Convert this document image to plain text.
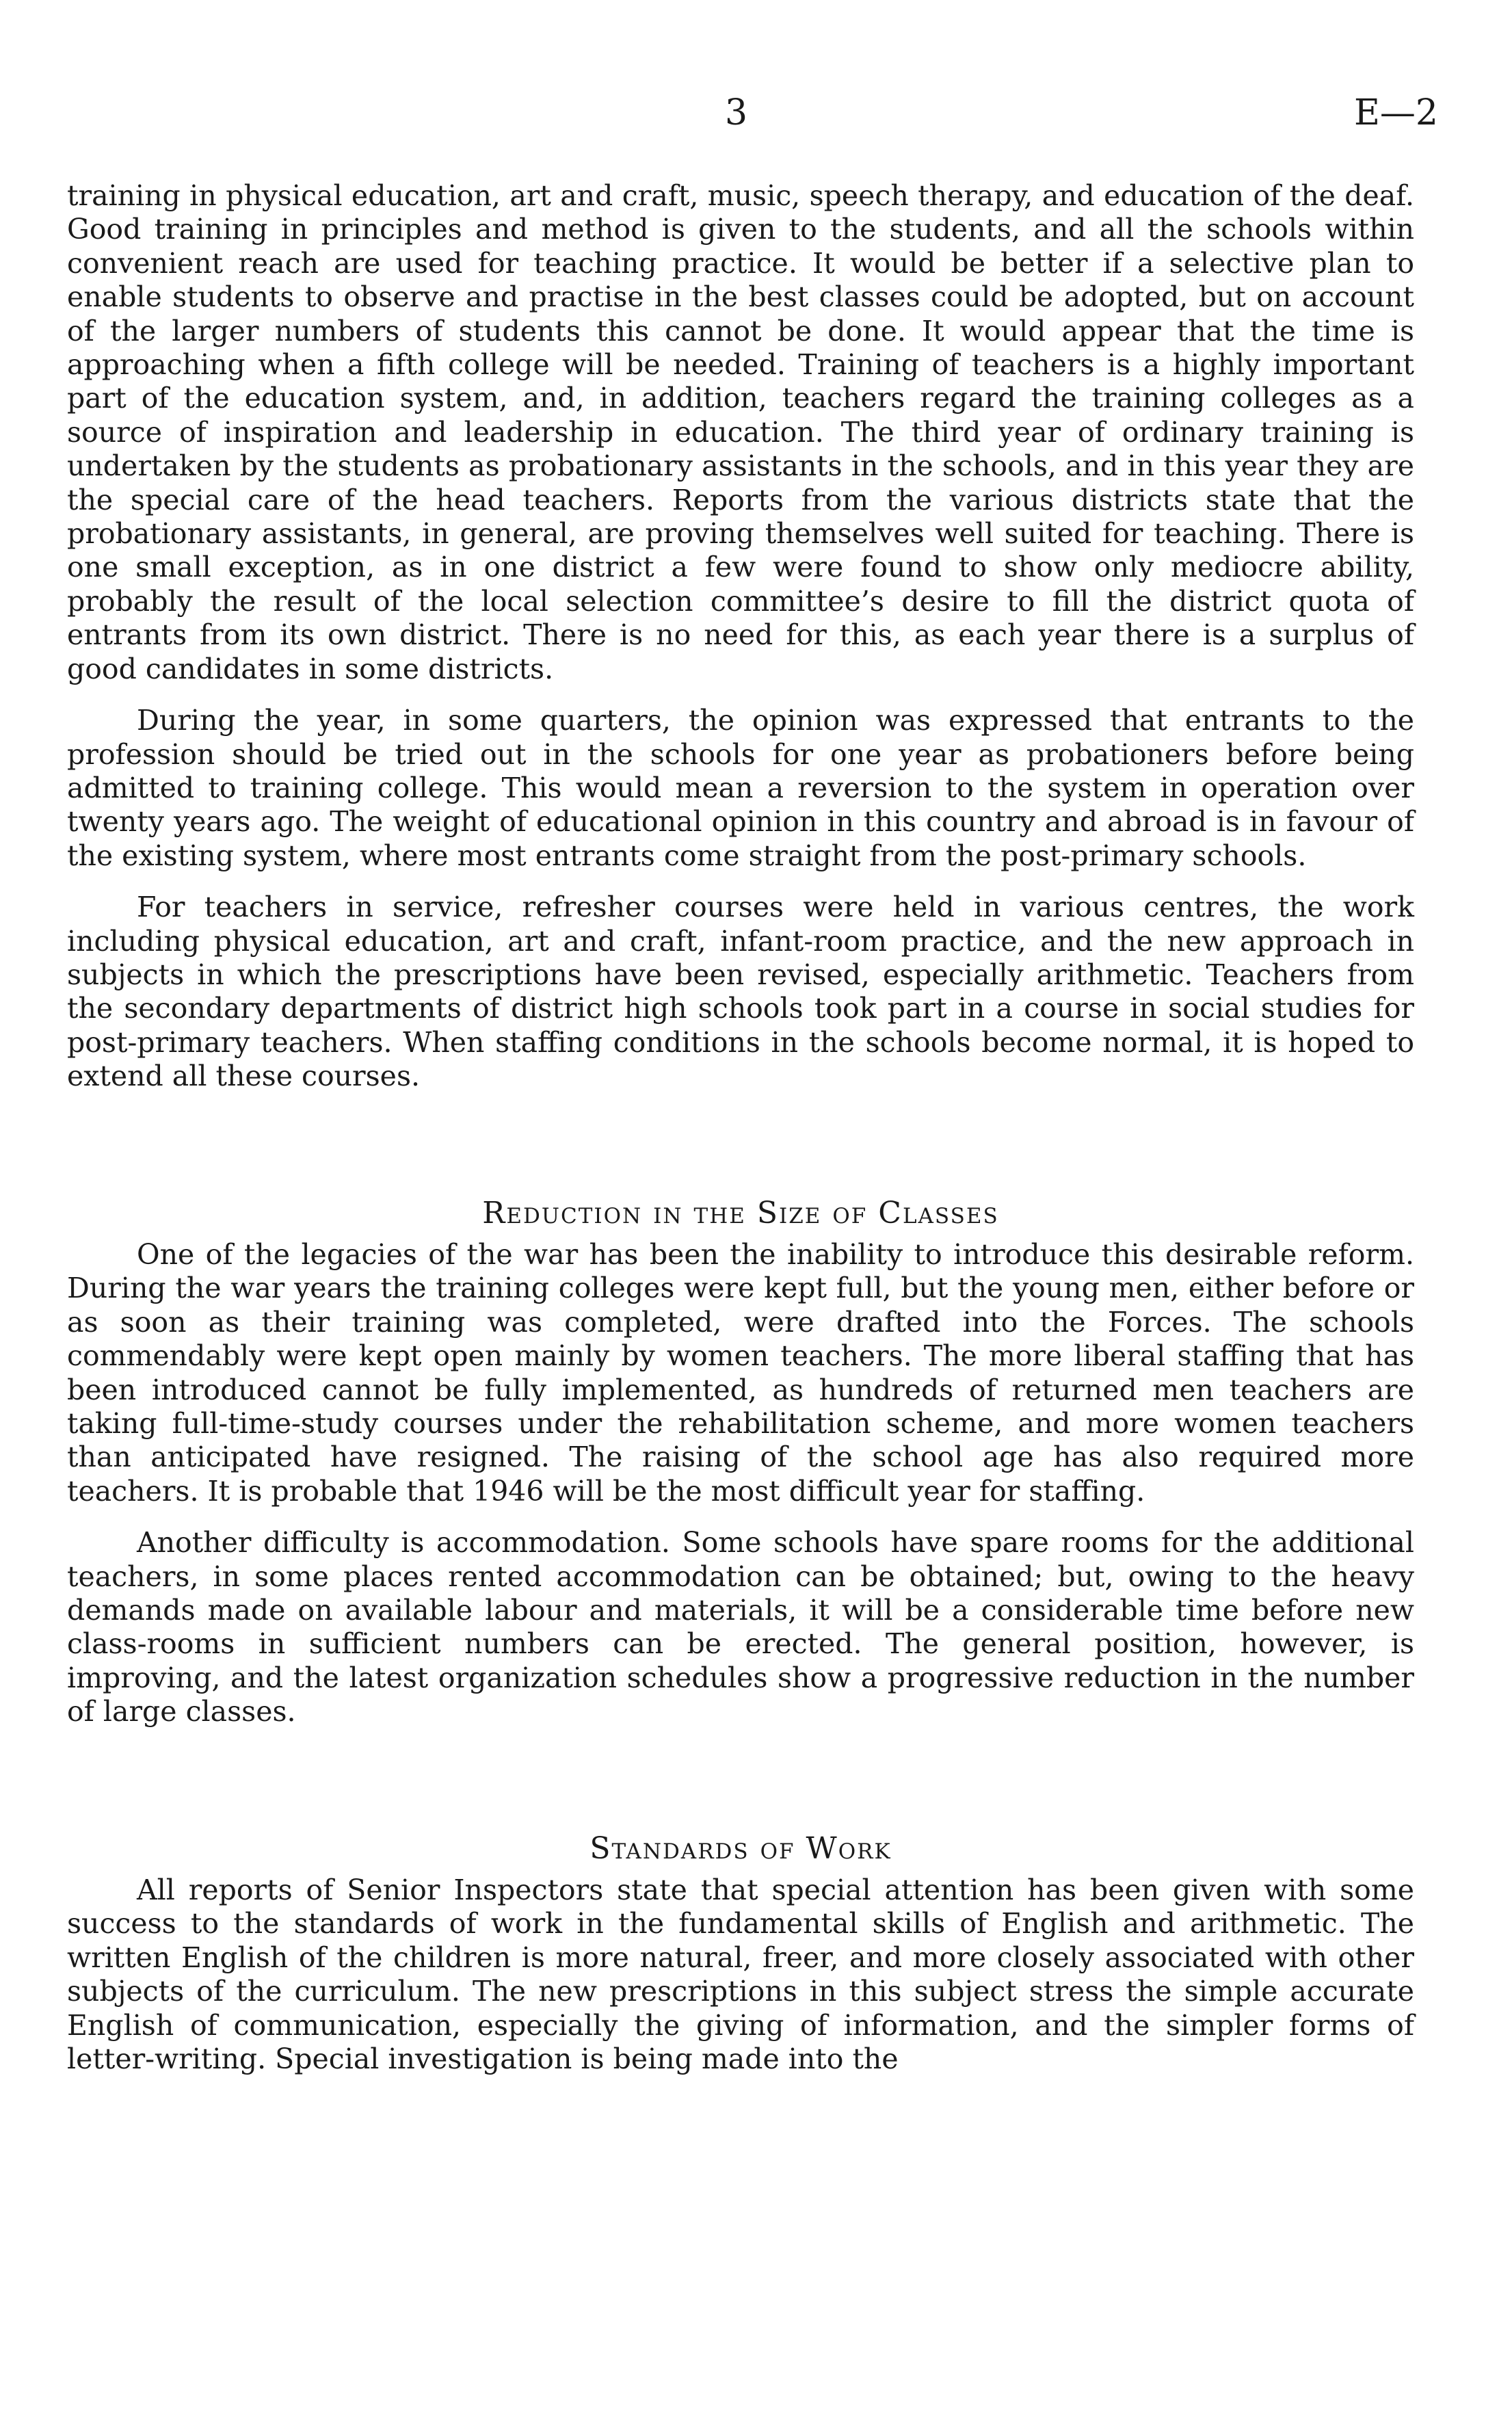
3	E—2

training in physical education, art and craft, music, speech therapy, and education of the deaf. Good training in principles and method is given to the students, and all the schools within convenient reach are used for teaching practice. It would be better if a selective plan to enable students to observe and practise in the best classes could be adopted, but on account of the larger numbers of students this cannot be done. It would appear that the time is approaching when a fifth college will be needed. Training of teachers is a highly important part of the education system, and, in addition, teachers regard the training colleges as a source of inspiration and leadership in education. The third year of ordinary training is undertaken by the students as probationary assistants in the schools, and in this year they are the special care of the head teachers. Reports from the various districts state that the probationary assistants, in general, are proving themselves well suited for teaching. There is one small exception, as in one district a few were found to show only mediocre ability, probably the result of the local selection committee’s desire to fill the district quota of entrants from its own district. There is no need for this, as each year there is a surplus of good candidates in some districts.

During the year, in some quarters, the opinion was expressed that entrants to the profession should be tried out in the schools for one year as probationers before being admitted to training college. This would mean a reversion to the system in operation over twenty years ago. The weight of educational opinion in this country and abroad is in favour of the existing system, where most entrants come straight from the post-primary schools.

For teachers in service, refresher courses were held in various centres, the work including physical education, art and craft, infant-room practice, and the new approach in subjects in which the prescriptions have been revised, especially arithmetic. Teachers from the secondary departments of district high schools took part in a course in social studies for post-primary teachers. When staffing conditions in the schools become normal, it is hoped to extend all these courses.

Reduction in the Size of Classes

One of the legacies of the war has been the inability to introduce this desirable reform. During the war years the training colleges were kept full, but the young men, either before or as soon as their training was completed, were drafted into the Forces. The schools commendably were kept open mainly by women teachers. The more liberal staffing that has been introduced cannot be fully implemented, as hundreds of returned men teachers are taking full-time-study courses under the rehabilitation scheme, and more women teachers than anticipated have resigned. The raising of the school age has also required more teachers. It is probable that 1946 will be the most difficult year for staffing.

Another difficulty is accommodation. Some schools have spare rooms for the additional teachers, in some places rented accommodation can be obtained; but, owing to the heavy demands made on available labour and materials, it will be a considerable time before new class-rooms in sufficient numbers can be erected. The general position, however, is improving, and the latest organization schedules show a progressive reduction in the number of large classes.

Standards of Work

All reports of Senior Inspectors state that special attention has been given with some success to the standards of work in the fundamental skills of English and arithmetic. The written English of the children is more natural, freer, and more closely associated with other subjects of the curriculum. The new prescriptions in this subject stress the simple accurate English of communication, especially the giving of information, and the simpler forms of letter-writing. Special investigation is being made into the
